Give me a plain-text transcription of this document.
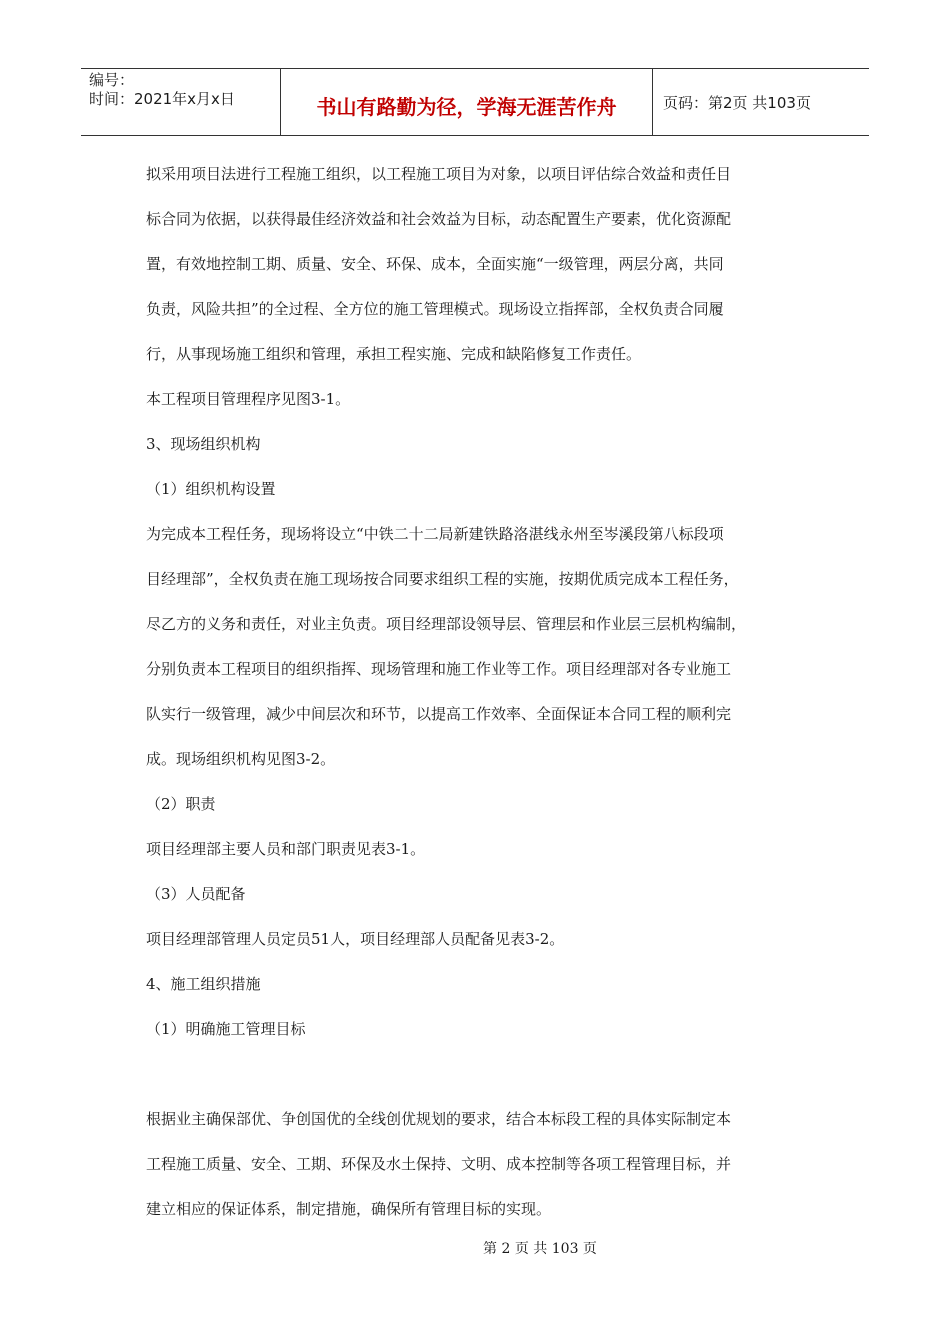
编号：
时间：2021年x月x日	书山有路勤为径，学海无涯苦作舟	页码：第2页 共103页
拟采用项目法进行工程施工组织，以工程施工项目为对象，以项目评估综合效益和责任目
标合同为依据，以获得最佳经济效益和社会效益为目标，动态配置生产要素，优化资源配
置，有效地控制工期、质量、安全、环保、成本，全面实施“一级管理，两层分离，共同
负责，风险共担”的全过程、全方位的施工管理模式。现场设立指挥部，全权负责合同履
行，从事现场施工组织和管理，承担工程实施、完成和缺陷修复工作责任。
本工程项目管理程序见图3-1。
3、现场组织机构
（1）组织机构设置
为完成本工程任务，现场将设立“中铁二十二局新建铁路洛湛线永州至岑溪段第八标段项
目经理部”，全权负责在施工现场按合同要求组织工程的实施，按期优质完成本工程任务，
尽乙方的义务和责任，对业主负责。项目经理部设领导层、管理层和作业层三层机构编制，
分别负责本工程项目的组织指挥、现场管理和施工作业等工作。项目经理部对各专业施工
队实行一级管理，减少中间层次和环节，以提高工作效率、全面保证本合同工程的顺利完
成。现场组织机构见图3-2。
（2）职责
项目经理部主要人员和部门职责见表3-1。
（3）人员配备
项目经理部管理人员定员51人，项目经理部人员配备见表3-2。
4、施工组织措施
（1）明确施工管理目标
根据业主确保部优、争创国优的全线创优规划的要求，结合本标段工程的具体实际制定本
工程施工质量、安全、工期、环保及水土保持、文明、成本控制等各项工程管理目标，并
建立相应的保证体系，制定措施，确保所有管理目标的实现。
第 2 页 共 103 页
